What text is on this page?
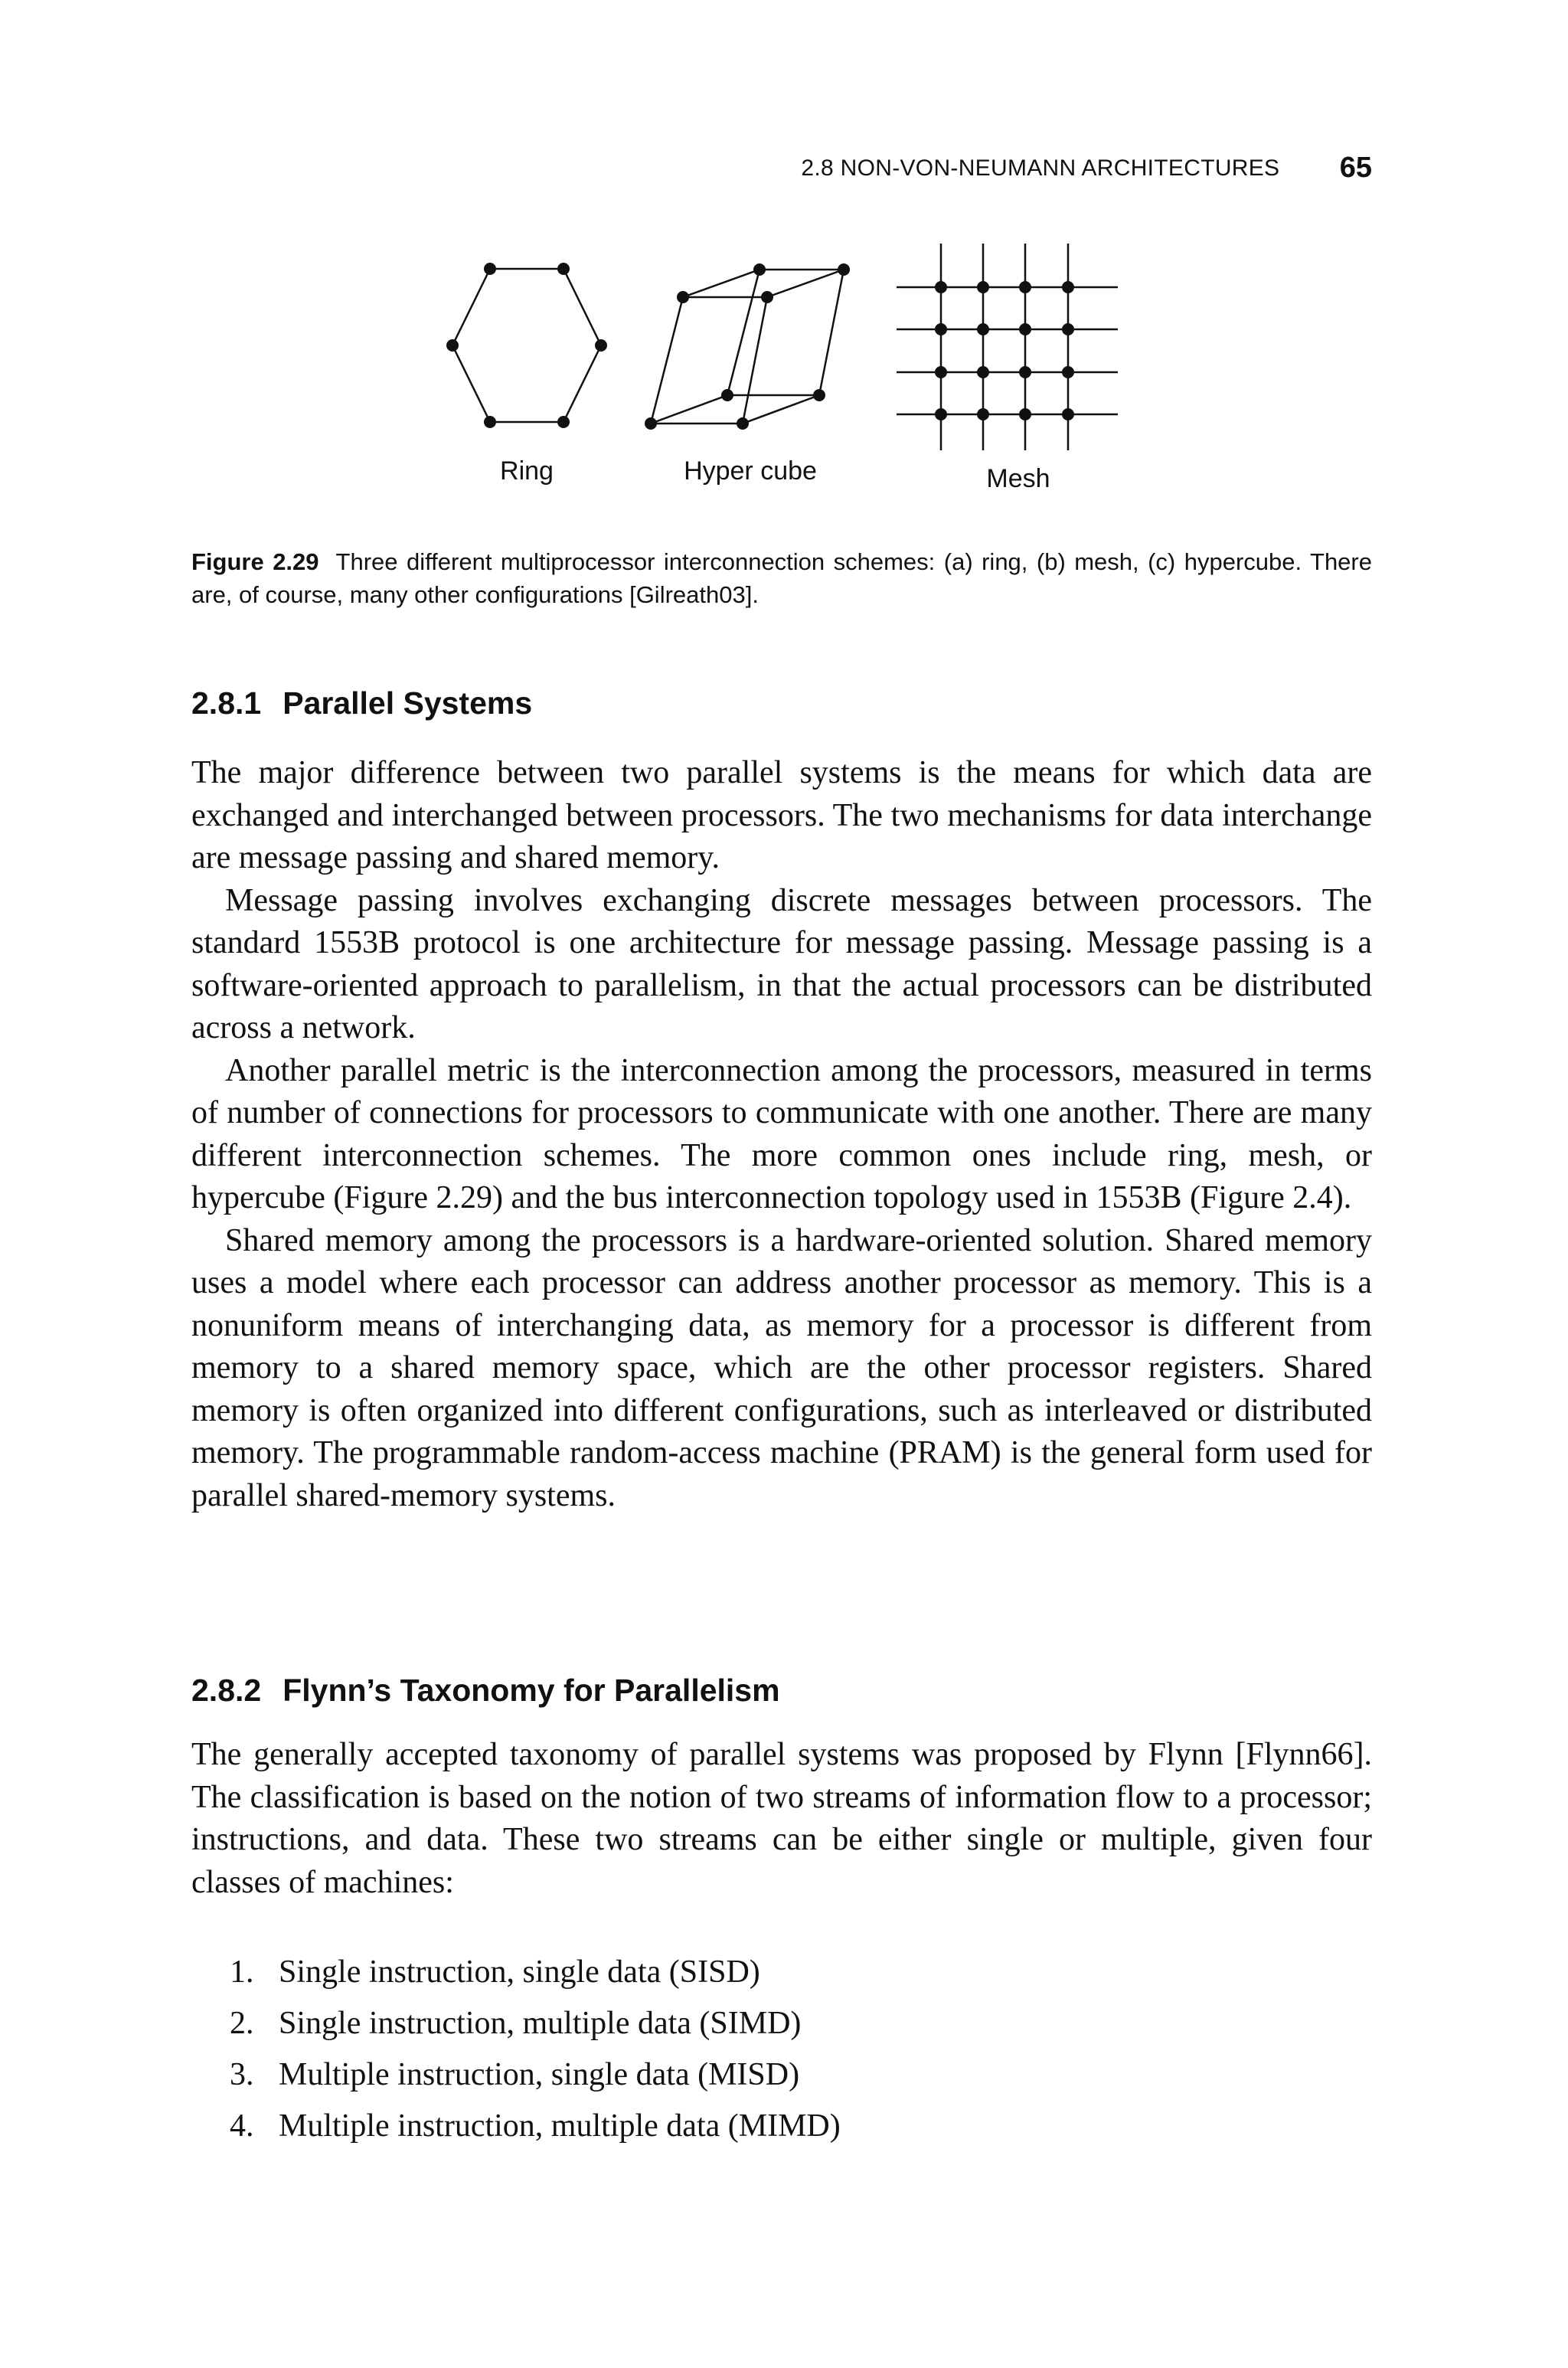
2.8 NON-VON-NEUMANN ARCHITECTURES 65
Ring	Hyper cube	Mesh
Figure 2.29 Three different multiprocessor interconnection schemes: (a) ring, (b) mesh, (c) hypercube. There are, of course, many other configurations [Gilreath03].
2.8.1 Parallel Systems

The major difference between two parallel systems is the means for which data are exchanged and interchanged between processors. The two mechanisms for data interchange are message passing and shared memory.

Message passing involves exchanging discrete messages between processors. The standard 1553B protocol is one architecture for message passing. Message passing is a software-oriented approach to parallelism, in that the actual processors can be distributed across a network.

Another parallel metric is the interconnection among the processors, measured in terms of number of connections for processors to communicate with one another. There are many different interconnection schemes. The more common ones include ring, mesh, or hypercube (Figure 2.29) and the bus interconnection topology used in 1553B (Figure 2.4).

Shared memory among the processors is a hardware-oriented solution. Shared memory uses a model where each processor can address another processor as memory. This is a nonuniform means of interchanging data, as memory for a processor is different from memory to a shared memory space, which are the other processor registers. Shared memory is often organized into different configurations, such as interleaved or distributed memory. The programmable random-access machine (PRAM) is the general form used for parallel shared-memory systems.

2.8.2 Flynn’s Taxonomy for Parallelism

The generally accepted taxonomy of parallel systems was proposed by Flynn [Flynn66]. The classification is based on the notion of two streams of information flow to a processor; instructions, and data. These two streams can be either single or multiple, given four classes of machines:

1. Single instruction, single data (SISD)
2. Single instruction, multiple data (SIMD)
3. Multiple instruction, single data (MISD)
4. Multiple instruction, multiple data (MIMD)
